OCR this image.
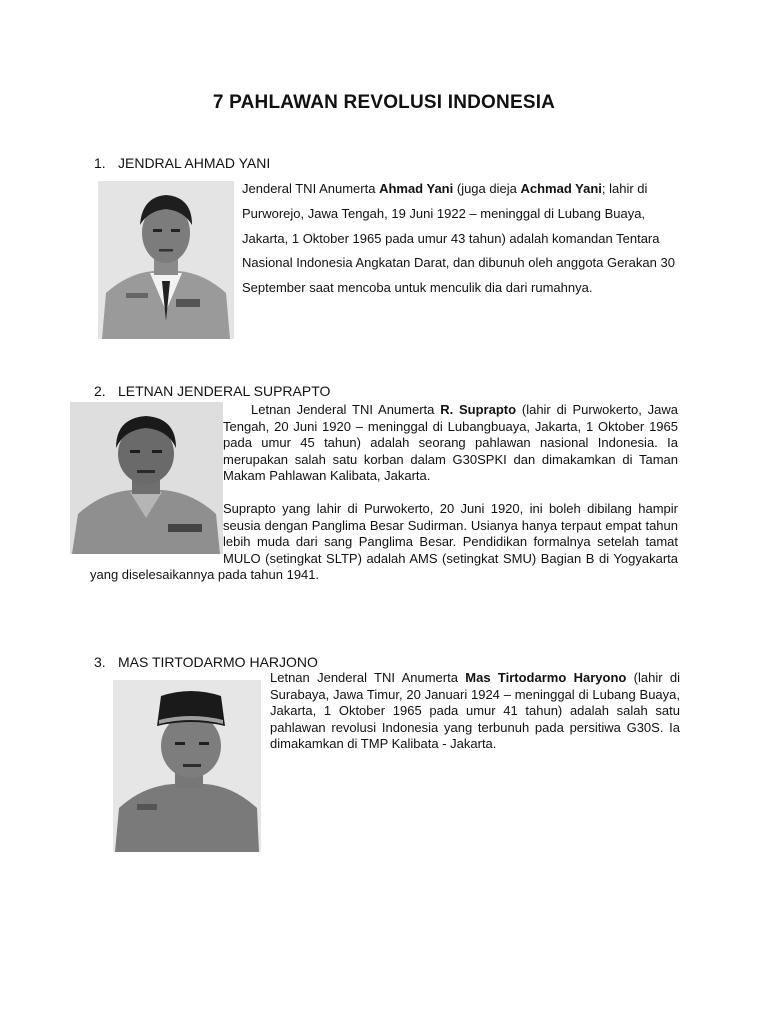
7 PAHLAWAN REVOLUSI INDONESIA
1. JENDRAL AHMAD YANI
Jenderal TNI Anumerta Ahmad Yani (juga dieja Achmad Yani; lahir di Purworejo, Jawa Tengah, 19 Juni 1922 – meninggal di Lubang Buaya, Jakarta, 1 Oktober 1965 pada umur 43 tahun) adalah komandan Tentara Nasional Indonesia Angkatan Darat, dan dibunuh oleh anggota Gerakan 30 September saat mencoba untuk menculik dia dari rumahnya.
2. LETNAN JENDERAL SUPRAPTO

Letnan Jenderal TNI Anumerta R. Suprapto (lahir di Purwokerto, Jawa Tengah, 20 Juni 1920 – meninggal di Lubangbuaya, Jakarta, 1 Oktober 1965 pada umur 45 tahun) adalah seorang pahlawan nasional Indonesia. Ia merupakan salah satu korban dalam G30SPKI dan dimakamkan di Taman Makam Pahlawan Kalibata, Jakarta.

Suprapto yang lahir di Purwokerto, 20 Juni 1920, ini boleh dibilang hampir seusia dengan Panglima Besar Sudirman. Usianya hanya terpaut empat tahun lebih muda dari sang Panglima Besar. Pendidikan formalnya setelah tamat MULO (setingkat SLTP) adalah AMS (setingkat SMU) Bagian B di Yogyakarta yang diselesaikannya pada tahun 1941.

3. MAS TIRTODARMO HARJONO
Letnan Jenderal TNI Anumerta Mas Tirtodarmo Haryono (lahir di Surabaya, Jawa Timur, 20 Januari 1924 – meninggal di Lubang Buaya, Jakarta, 1 Oktober 1965 pada umur 41 tahun) adalah salah satu pahlawan revolusi Indonesia yang terbunuh pada persitiwa G30S. Ia dimakamkan di TMP Kalibata - Jakarta.
